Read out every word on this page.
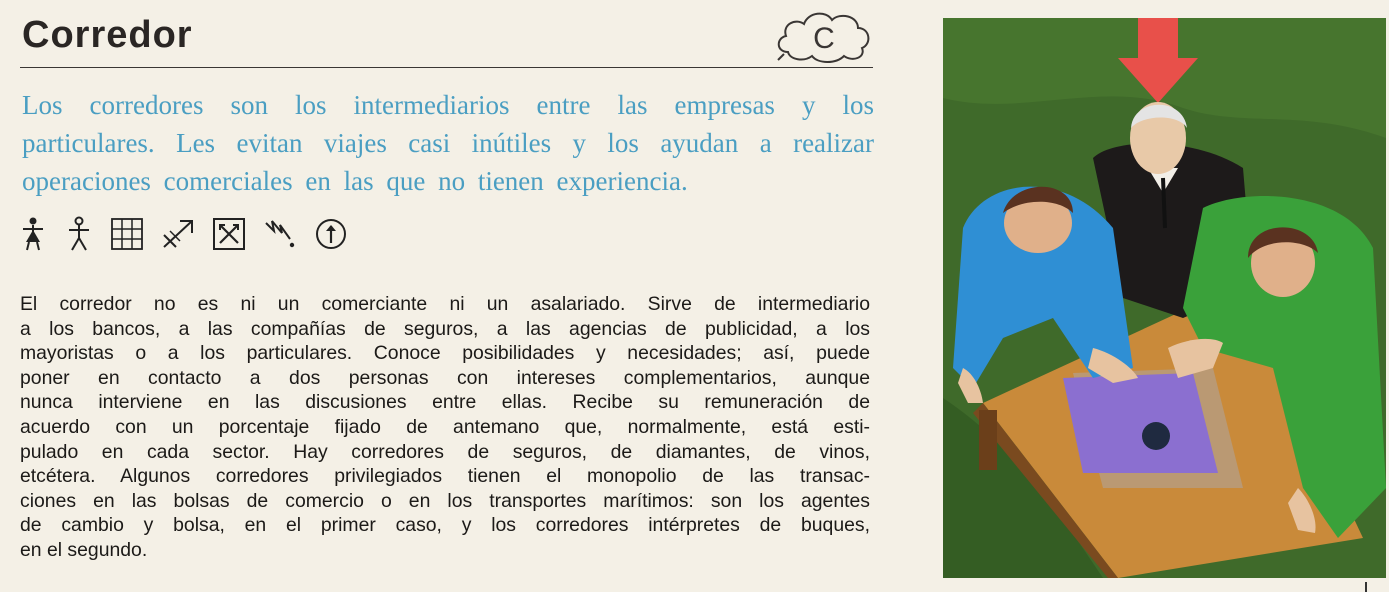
Corredor	C

Los corredores son los intermediarios entre las empresas y los
particulares. Les evitan viajes casi inútiles y los ayudan a realizar
operaciones comerciales en las que no tienen experiencia.

El corredor no es ni un comerciante ni un asalariado. Sirve de intermediario
a los bancos, a las compañías de seguros, a las agencias de publicidad, a los
mayoristas o a los particulares. Conoce posibilidades y necesidades; así, puede
poner en contacto a dos personas con intereses complementarios, aunque
nunca interviene en las discusiones entre ellas. Recibe su remuneración de
acuerdo con un porcentaje fijado de antemano que, normalmente, está esti-
pulado en cada sector. Hay corredores de seguros, de diamantes, de vinos,
etcétera. Algunos corredores privilegiados tienen el monopolio de las transac-
ciones en las bolsas de comercio o en los transportes marítimos: son los agentes
de cambio y bolsa, en el primer caso, y los corredores intérpretes de buques,
en el segundo.
